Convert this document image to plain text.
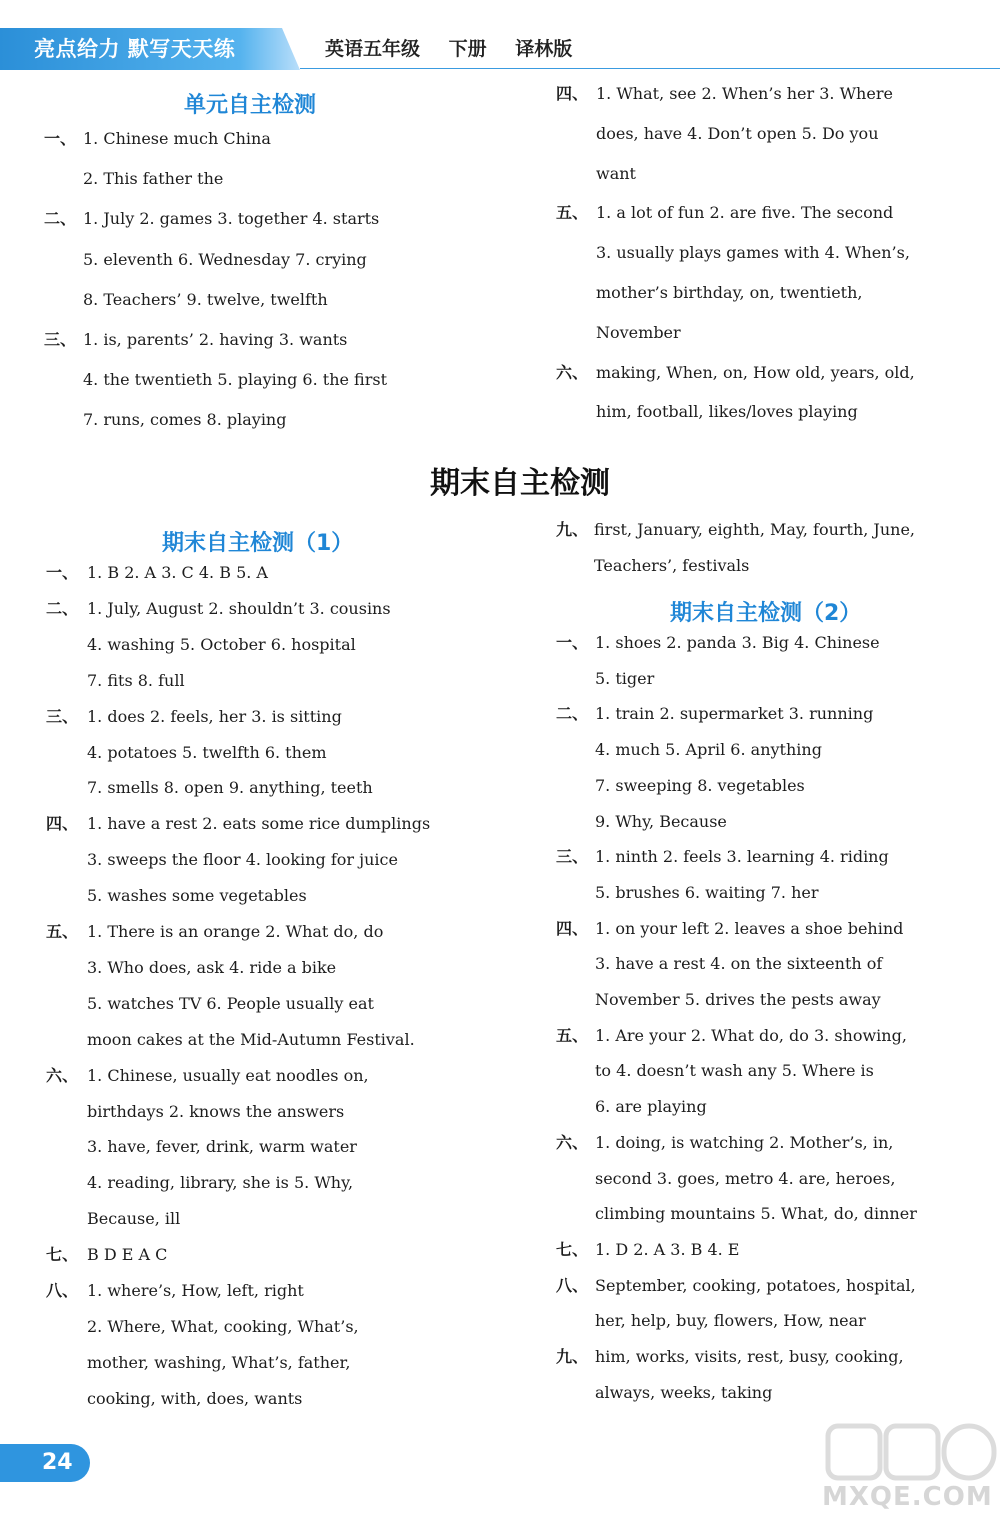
亮点给力 默写天天练	英语五年级 下册 译林版
单元自主检测
一、 1. Chinese much China
2. This father the
二、 1. July 2. games 3. together 4. starts
5. eleventh 6. Wednesday 7. crying
8. Teachers’ 9. twelve, twelfth
三、 1. is, parents’ 2. having 3. wants
4. the twentieth 5. playing 6. the first
7. runs, comes 8. playing
四、 1. What, see 2. When’s her 3. Where
does, have 4. Don’t open 5. Do you
want
五、 1. a lot of fun 2. are five. The second
3. usually plays games with 4. When’s,
mother’s birthday, on, twentieth,
November
六、 making, When, on, How old, years, old,
him, football, likes/loves playing
期末自主检测
期末自主检测（1）
一、 1. B 2. A 3. C 4. B 5. A
二、 1. July, August 2. shouldn’t 3. cousins
4. washing 5. October 6. hospital
7. fits 8. full
三、 1. does 2. feels, her 3. is sitting
4. potatoes 5. twelfth 6. them
7. smells 8. open 9. anything, teeth
四、 1. have a rest 2. eats some rice dumplings
3. sweeps the floor 4. looking for juice
5. washes some vegetables
五、 1. There is an orange 2. What do, do
3. Who does, ask 4. ride a bike
5. watches TV 6. People usually eat
moon cakes at the Mid-Autumn Festival.
六、 1. Chinese, usually eat noodles on,
birthdays 2. knows the answers
3. have, fever, drink, warm water
4. reading, library, she is 5. Why,
Because, ill
七、 B D E A C
八、 1. where’s, How, left, right
2. Where, What, cooking, What’s,
mother, washing, What’s, father,
cooking, with, does, wants
九、 first, January, eighth, May, fourth, June,
Teachers’, festivals
期末自主检测（2）
一、 1. shoes 2. panda 3. Big 4. Chinese
5. tiger
二、 1. train 2. supermarket 3. running
4. much 5. April 6. anything
7. sweeping 8. vegetables
9. Why, Because
三、 1. ninth 2. feels 3. learning 4. riding
5. brushes 6. waiting 7. her
四、 1. on your left 2. leaves a shoe behind
3. have a rest 4. on the sixteenth of
November 5. drives the pests away
五、 1. Are your 2. What do, do 3. showing,
to 4. doesn’t wash any 5. Where is
6. are playing
六、 1. doing, is watching 2. Mother’s, in,
second 3. goes, metro 4. are, heroes,
climbing mountains 5. What, do, dinner
七、 1. D 2. A 3. B 4. E
八、 September, cooking, potatoes, hospital,
her, help, buy, flowers, How, near
九、 him, works, visits, rest, busy, cooking,
always, weeks, taking
24
MXQE.COM
